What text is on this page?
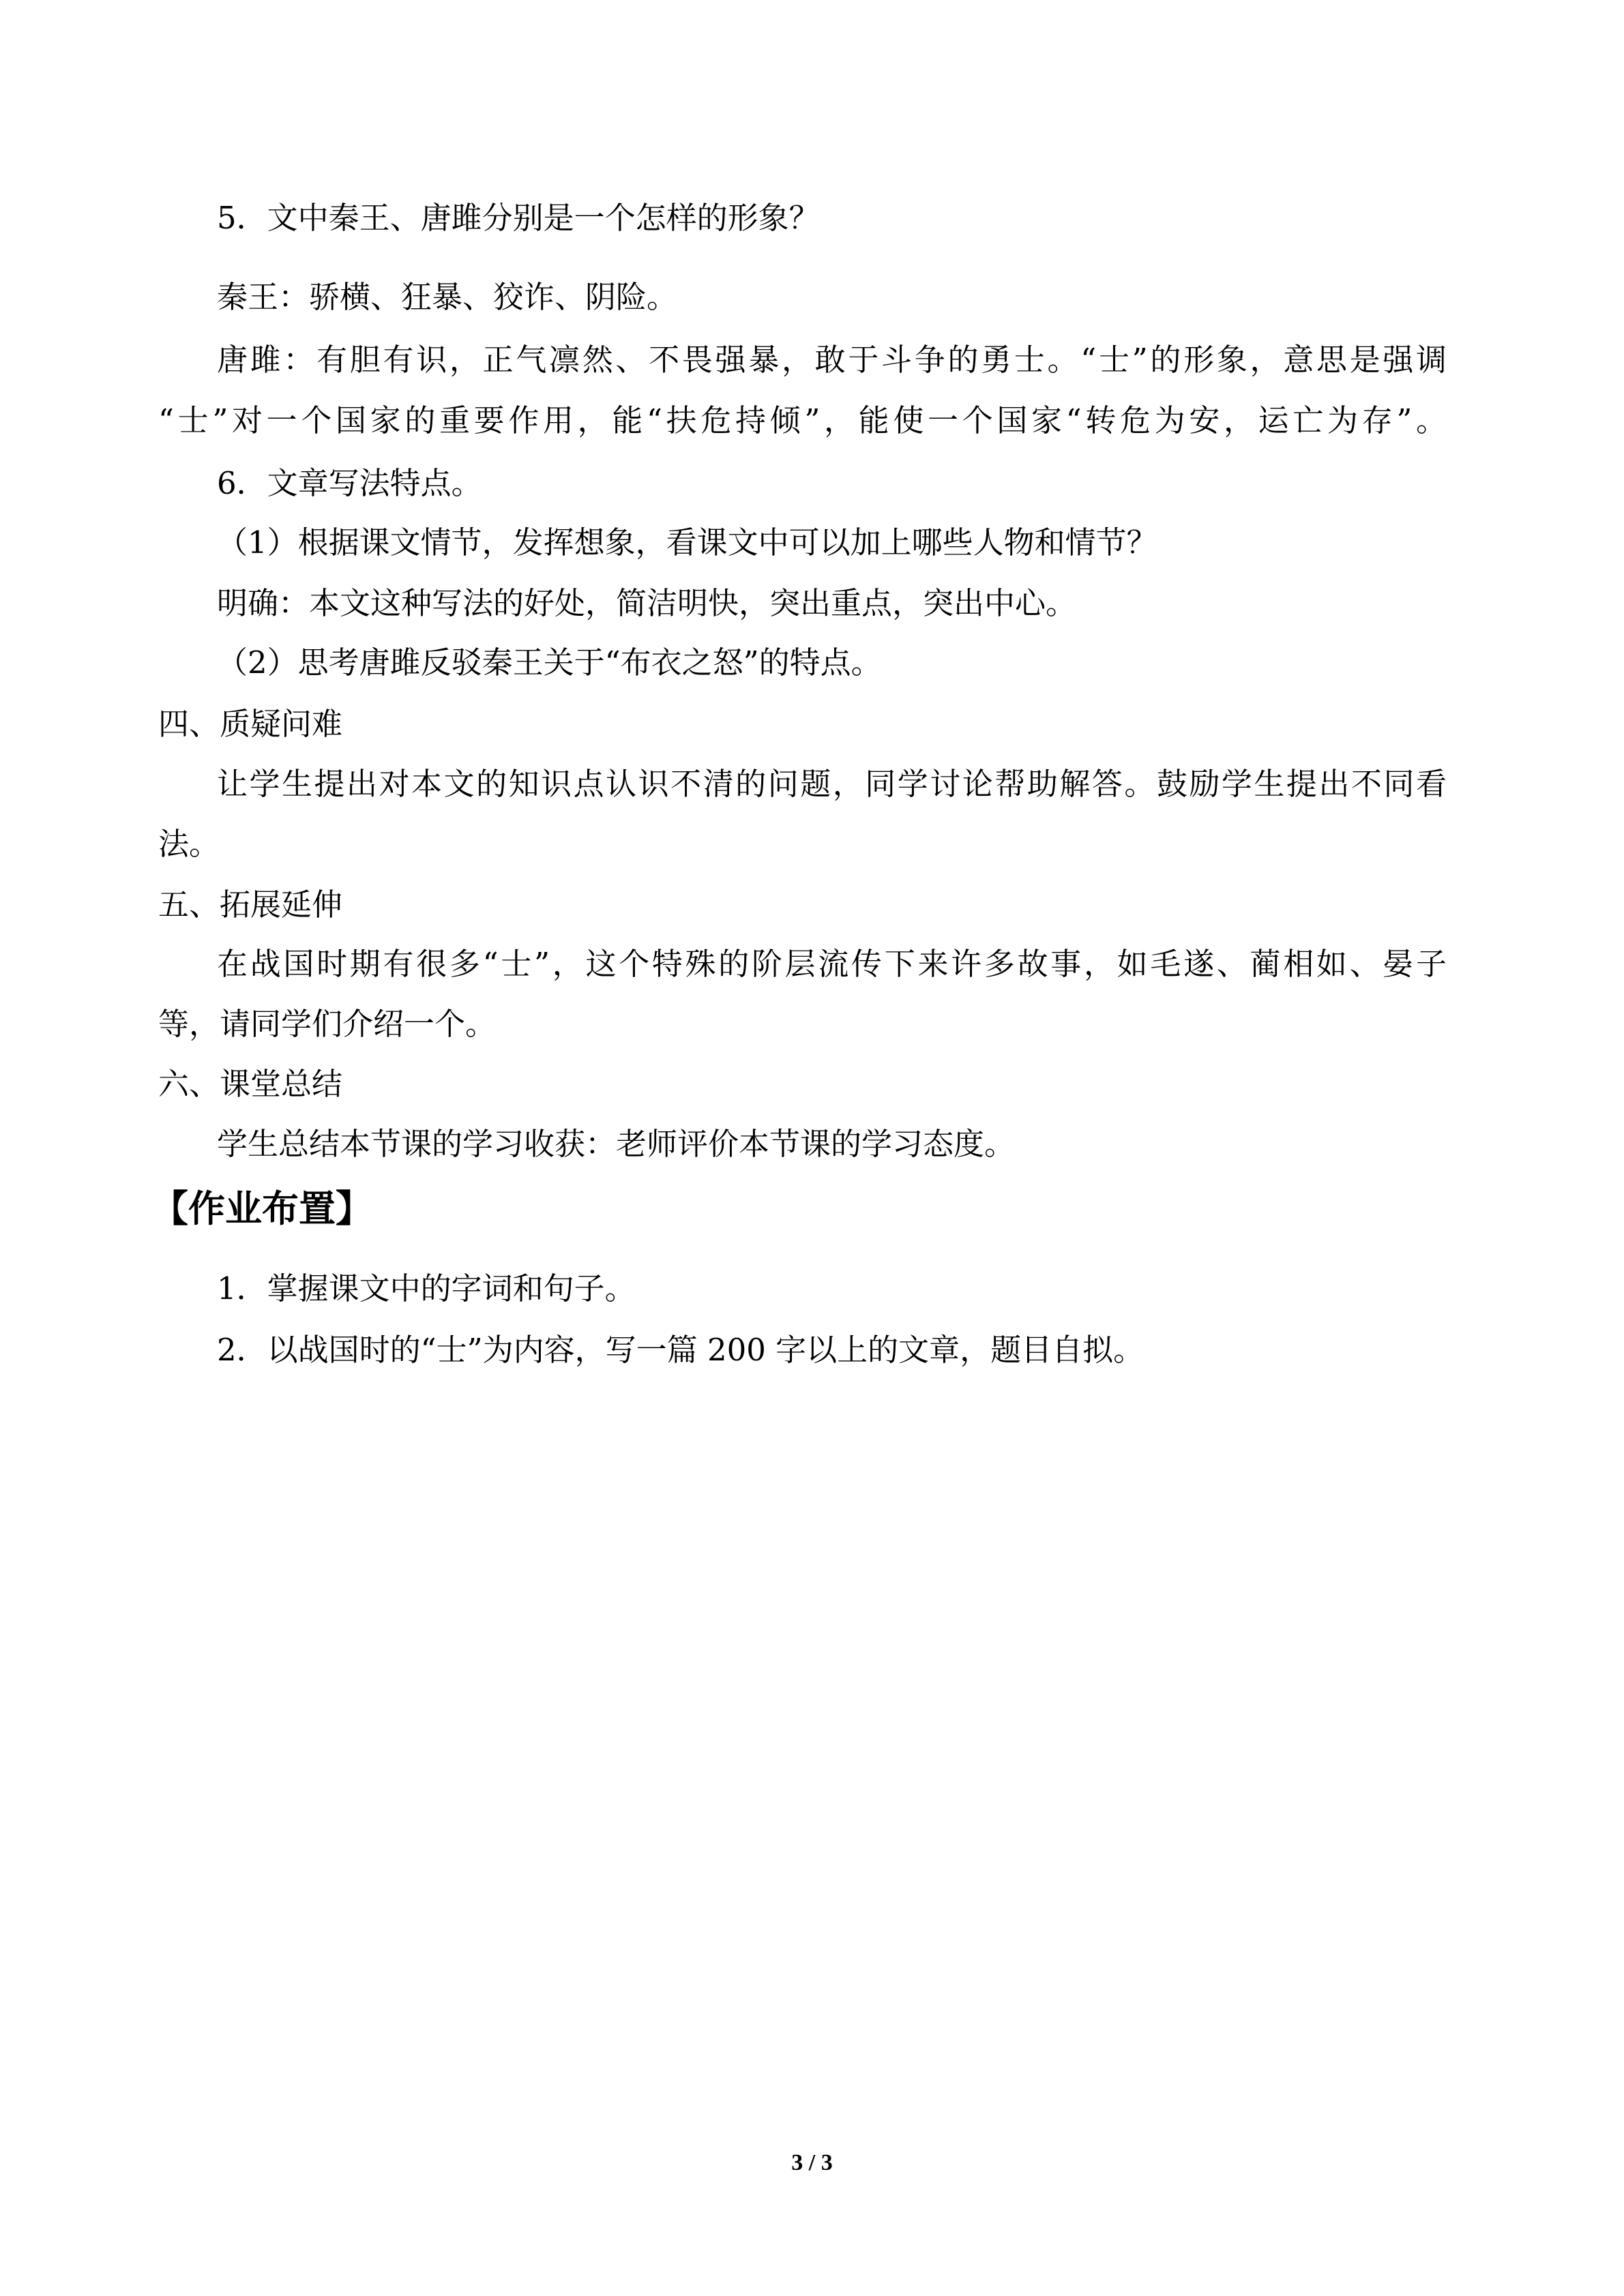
5．文中秦王、唐雎分别是一个怎样的形象？

秦王：骄横、狂暴、狡诈、阴险。

唐雎：有胆有识，正气凛然、不畏强暴，敢于斗争的勇士。“士”的形象，意思是强调

“士”对一个国家的重要作用，能“扶危持倾”，能使一个国家“转危为安，运亡为存”。

6．文章写法特点。

（1）根据课文情节，发挥想象，看课文中可以加上哪些人物和情节？

明确：本文这种写法的好处，简洁明快，突出重点，突出中心。

（2）思考唐雎反驳秦王关于“布衣之怒”的特点。

四、质疑问难

让学生提出对本文的知识点认识不清的问题，同学讨论帮助解答。鼓励学生提出不同看

法。

五、拓展延伸

在战国时期有很多“士”，这个特殊的阶层流传下来许多故事，如毛遂、蔺相如、晏子

等，请同学们介绍一个。

六、课堂总结

学生总结本节课的学习收获：老师评价本节课的学习态度。

【作业布置】

1．掌握课文中的字词和句子。

2．以战国时的“士”为内容，写一篇 200 字以上的文章，题目自拟。

3 / 3
